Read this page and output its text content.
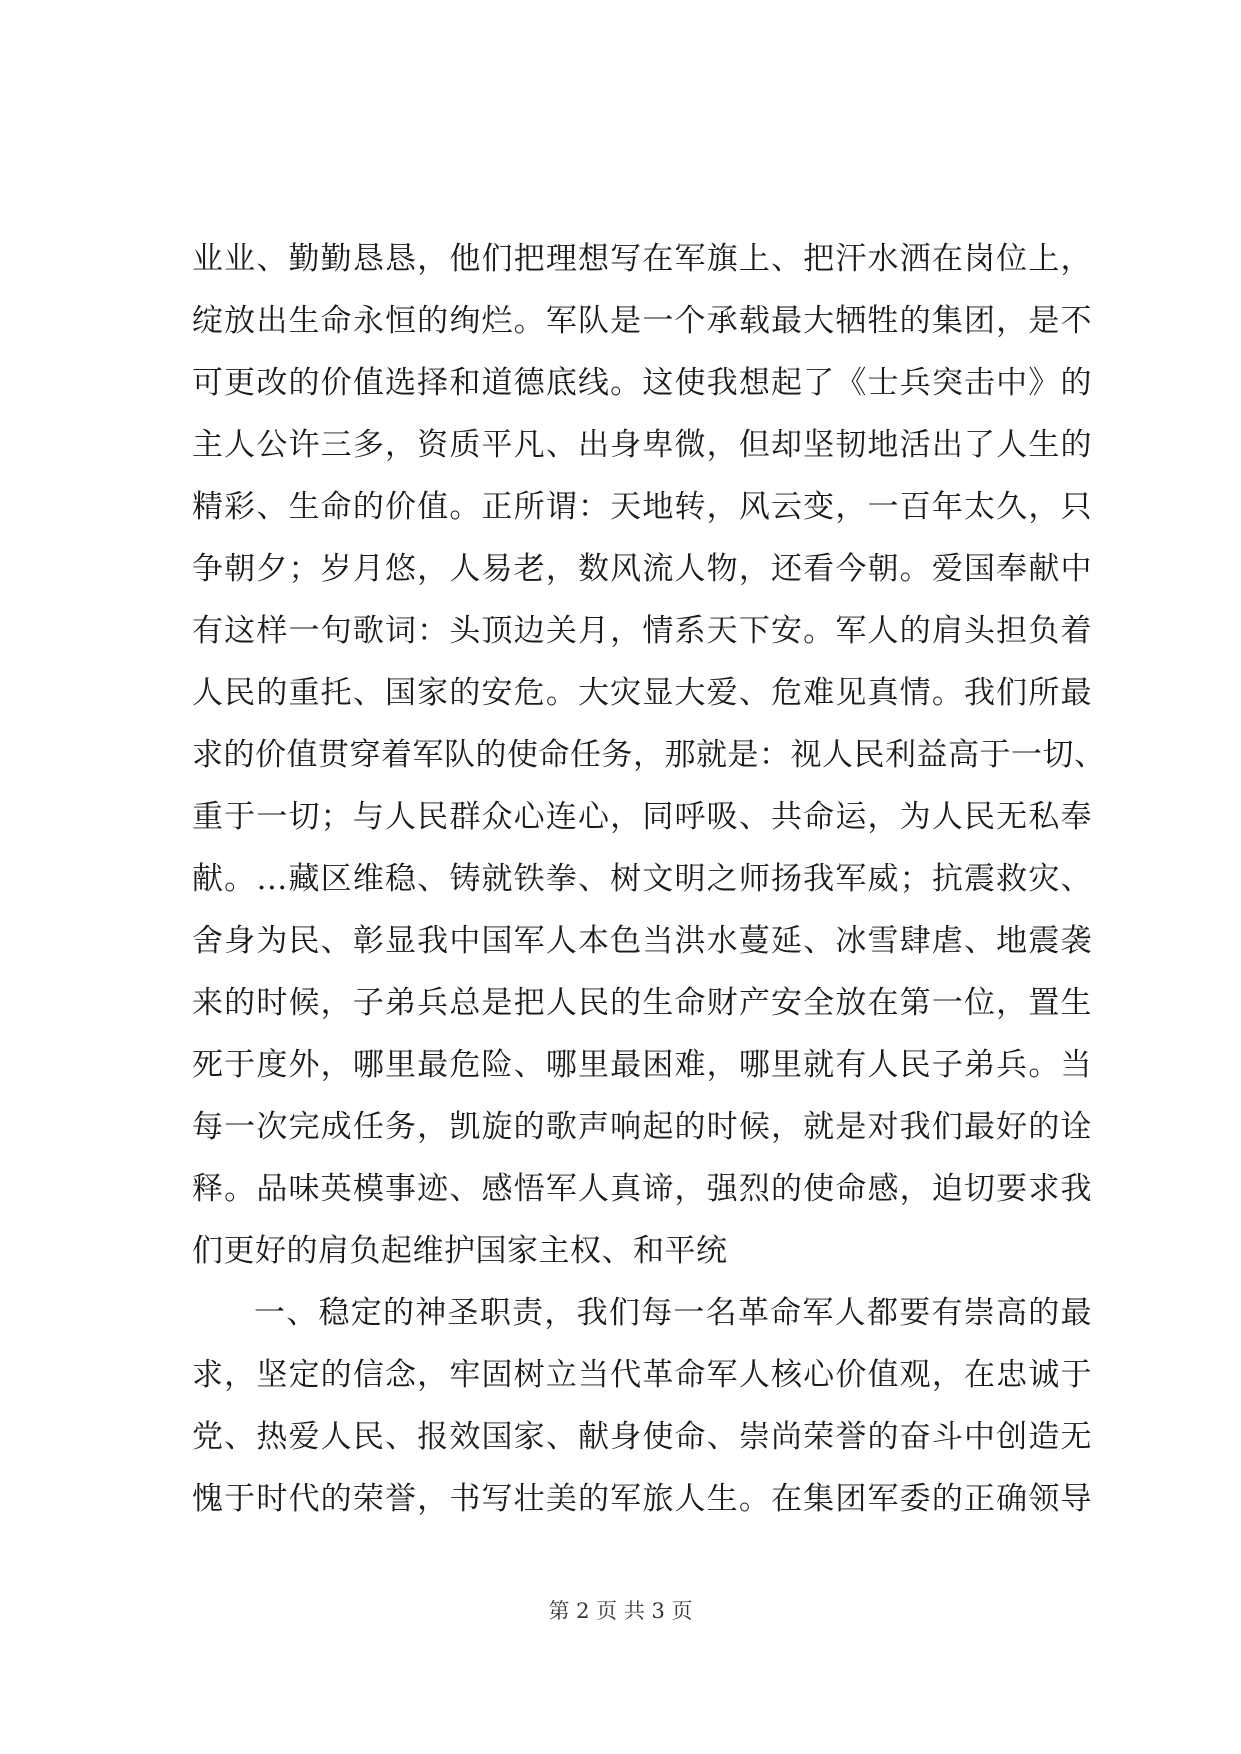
业业、勤勤恳恳，他们把理想写在军旗上、把汗水洒在岗位上，
绽放出生命永恒的绚烂。军队是一个承载最大牺牲的集团，是不
可更改的价值选择和道德底线。这使我想起了《士兵突击中》的
主人公许三多，资质平凡、出身卑微，但却坚韧地活出了人生的
精彩、生命的价值。正所谓：天地转，风云变，一百年太久，只
争朝夕；岁月悠，人易老，数风流人物，还看今朝。爱国奉献中
有这样一句歌词：头顶边关月，情系天下安。军人的肩头担负着
人民的重托、国家的安危。大灾显大爱、危难见真情。我们所最
求的价值贯穿着军队的使命任务，那就是：视人民利益高于一切、
重于一切；与人民群众心连心，同呼吸、共命运，为人民无私奉
献。…藏区维稳、铸就铁拳、树文明之师扬我军威；抗震救灾、
舍身为民、彰显我中国军人本色当洪水蔓延、冰雪肆虐、地震袭
来的时候，子弟兵总是把人民的生命财产安全放在第一位，置生
死于度外，哪里最危险、哪里最困难，哪里就有人民子弟兵。当
每一次完成任务，凯旋的歌声响起的时候，就是对我们最好的诠
释。品味英模事迹、感悟军人真谛，强烈的使命感，迫切要求我
们更好的肩负起维护国家主权、和平统
一、稳定的神圣职责，我们每一名革命军人都要有崇高的最
求，坚定的信念，牢固树立当代革命军人核心价值观，在忠诚于
党、热爱人民、报效国家、献身使命、崇尚荣誉的奋斗中创造无
愧于时代的荣誉，书写壮美的军旅人生。在集团军委的正确领导
第 2 页 共 3 页
